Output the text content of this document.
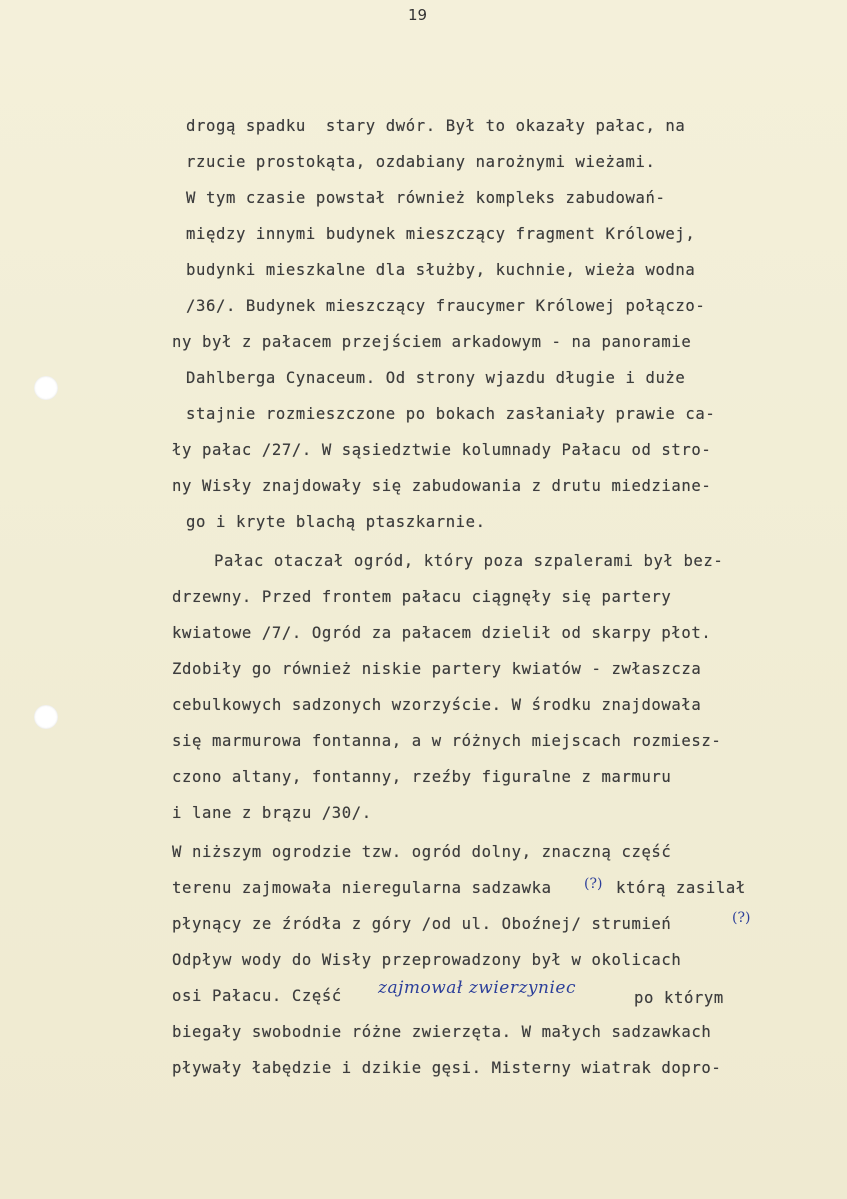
19
drogą spadku  stary dwór. Był to okazały pałac, na
rzucie prostokąta, ozdabiany narożnymi wieżami.
W tym czasie powstał również kompleks zabudowań-
między innymi budynek mieszczący fragment Królowej,
budynki mieszkalne dla służby, kuchnie, wieża wodna
/36/. Budynek mieszczący fraucymer Królowej połączo-
ny był z pałacem przejściem arkadowym - na panoramie
Dahlberga Cynaceum. Od strony wjazdu długie i duże
stajnie rozmieszczone po bokach zasłaniały prawie ca-
ły pałac /27/. W sąsiedztwie kolumnady Pałacu od stro-
ny Wisły znajdowały się zabudowania z drutu miedziane-
go i kryte blachą ptaszkarnie.
Pałac otaczał ogród, który poza szpalerami był bez-
drzewny. Przed frontem pałacu ciągnęły się partery
kwiatowe /7/. Ogród za pałacem dzielił od skarpy płot.
Zdobiły go również niskie partery kwiatów - zwłaszcza
cebulkowych sadzonych wzorzyście. W środku znajdowała
się marmurowa fontanna, a w różnych miejscach rozmiesz-
czono altany, fontanny, rzeźby figuralne z marmuru
i lane z brązu /30/.
W niższym ogrodzie tzw. ogród dolny, znaczną część
terenu zajmowała nieregularna sadzawka (?) którą zasilał
płynący ze źródła z góry /od ul. Oboźnej/ strumień	(?)
Odpływ wody do Wisły przeprowadzony był w okolicach
osi Pałacu. Część zajmował zwierzyniec	po którym
biegały swobodnie różne zwierzęta. W małych sadzawkach
pływały łabędzie i dzikie gęsi. Misterny wiatrak dopro-
